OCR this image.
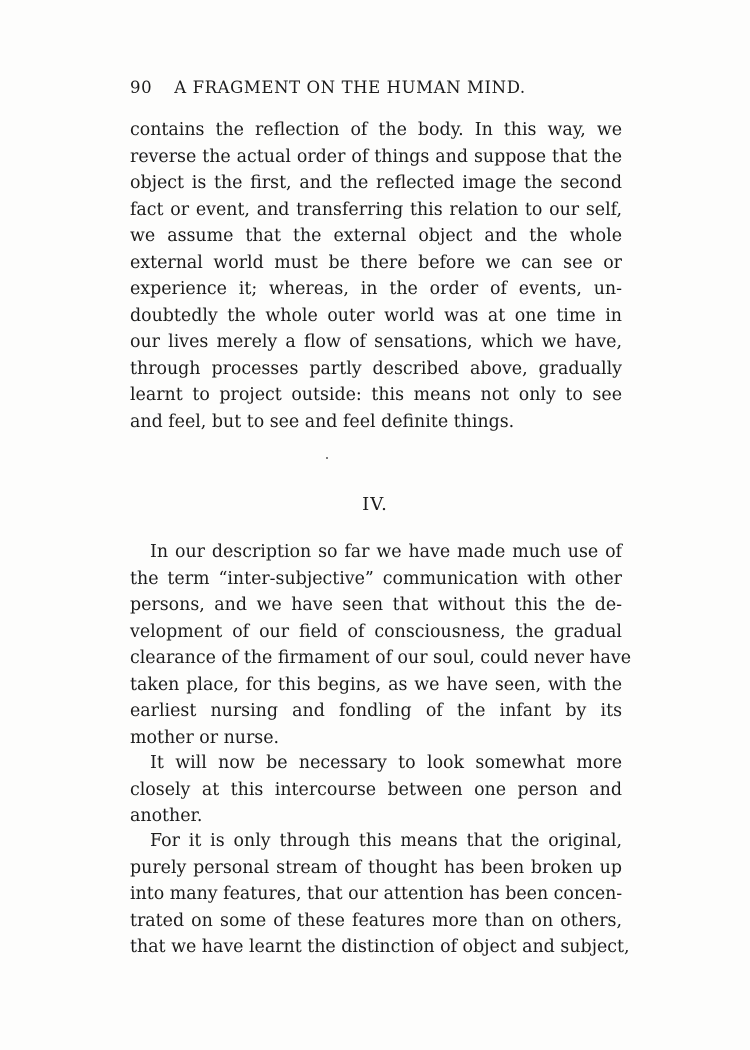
90 A FRAGMENT ON THE HUMAN MIND.
contains the reflection of the body. In this way, we
reverse the actual order of things and suppose that the
object is the first, and the reflected image the second
fact or event, and transferring this relation to our self,
we assume that the external object and the whole
external world must be there before we can see or
experience it; whereas, in the order of events, un-
doubtedly the whole outer world was at one time in
our lives merely a flow of sensations, which we have,
through processes partly described above, gradually
learnt to project outside: this means not only to see
and feel, but to see and feel definite things.
IV.
In our description so far we have made much use of
the term “inter-subjective” communication with other
persons, and we have seen that without this the de-
velopment of our field of consciousness, the gradual
clearance of the firmament of our soul, could never have
taken place, for this begins, as we have seen, with the
earliest nursing and fondling of the infant by its
mother or nurse.
It will now be necessary to look somewhat more
closely at this intercourse between one person and
another.
For it is only through this means that the original,
purely personal stream of thought has been broken up
into many features, that our attention has been concen-
trated on some of these features more than on others,
that we have learnt the distinction of object and subject,
